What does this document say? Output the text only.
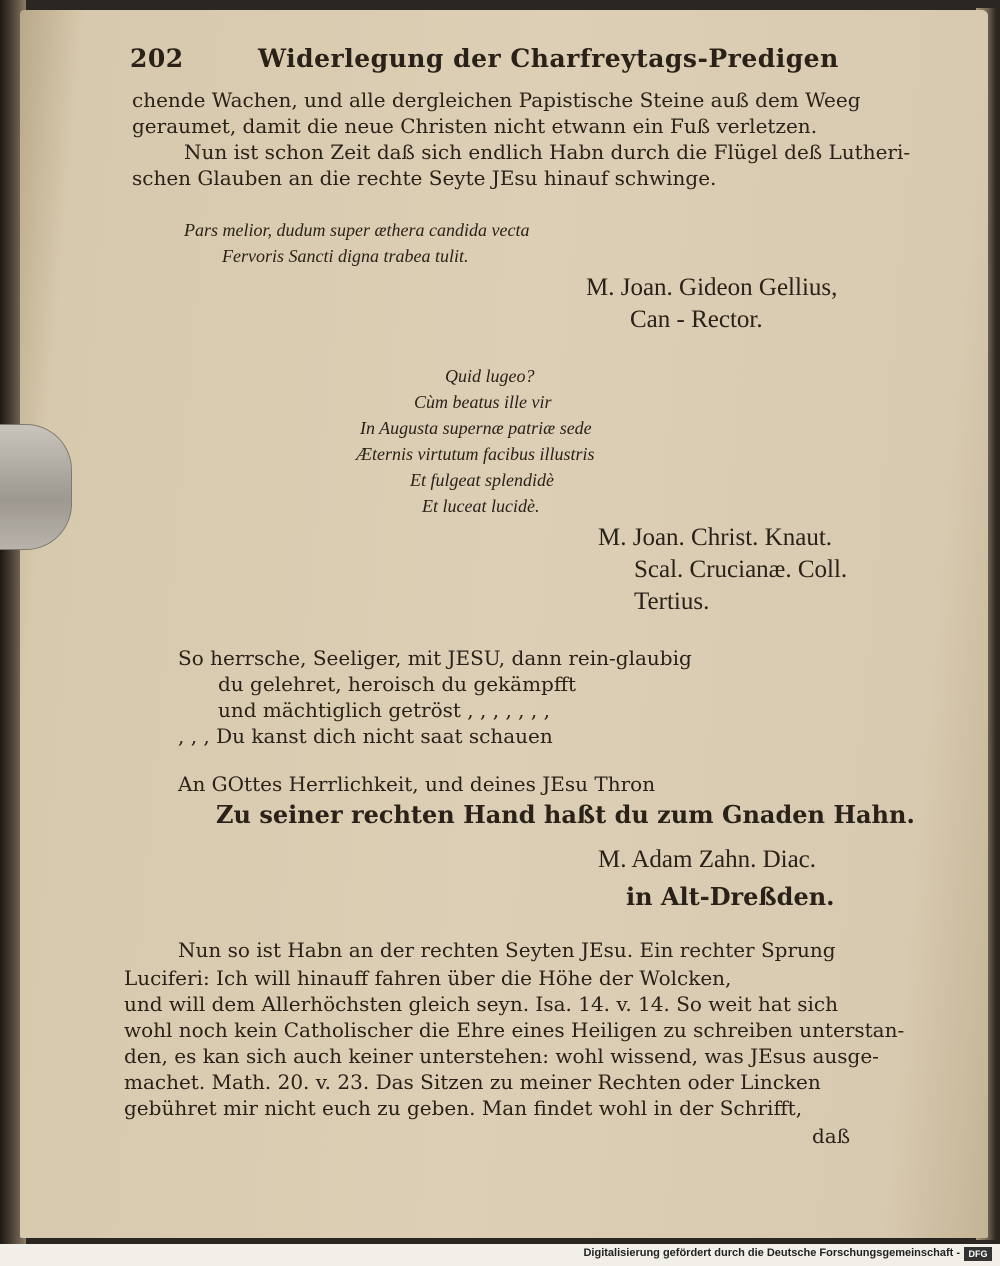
202	Widerlegung der Charfreytags-Predigen
chende Wachen, und alle dergleichen Papistische Steine auß dem Weeg
geraumet, damit die neue Christen nicht etwann ein Fuß verletzen.
Nun ist schon Zeit daß sich endlich Habn durch die Flügel deß Lutheri-
schen Glauben an die rechte Seyte JEsu hinauf schwinge.
Pars melior, dudum super æthera candida vecta
Fervoris Sancti digna trabea tulit.
M. Joan. Gideon Gellius,
Can - Rector.
Quid lugeo?
Cùm beatus ille vir
In Augusta supernæ patriæ sede
Æternis virtutum facibus illustris
Et fulgeat splendidè
Et luceat lucidè.
M. Joan. Christ. Knaut.
Scal. Crucianæ. Coll.
Tertius.
So herrsche, Seeliger, mit JESU, dann rein-glaubig
du gelehret, heroisch du gekämpfft
und mächtiglich getröst , , , , , , ,
, , , Du kanst dich nicht saat schauen
An GOttes Herrlichkeit, und deines JEsu Thron
Zu seiner rechten Hand haßt du zum Gnaden Hahn.
M. Adam Zahn. Diac.
in Alt-Dreßden.
Nun so ist Habn an der rechten Seyten JEsu. Ein rechter Sprung
Luciferi: Ich will hinauff fahren über die Höhe der Wolcken,
und will dem Allerhöchsten gleich seyn. Isa. 14. v. 14. So weit hat sich
wohl noch kein Catholischer die Ehre eines Heiligen zu schreiben unterstan-
den, es kan sich auch keiner unterstehen: wohl wissend, was JEsus ausge-
machet. Math. 20. v. 23. Das Sitzen zu meiner Rechten oder Lincken
gebühret mir nicht euch zu geben. Man findet wohl in der Schrifft,
daß
Digitalisierung gefördert durch die Deutsche Forschungsgemeinschaft - DFG
